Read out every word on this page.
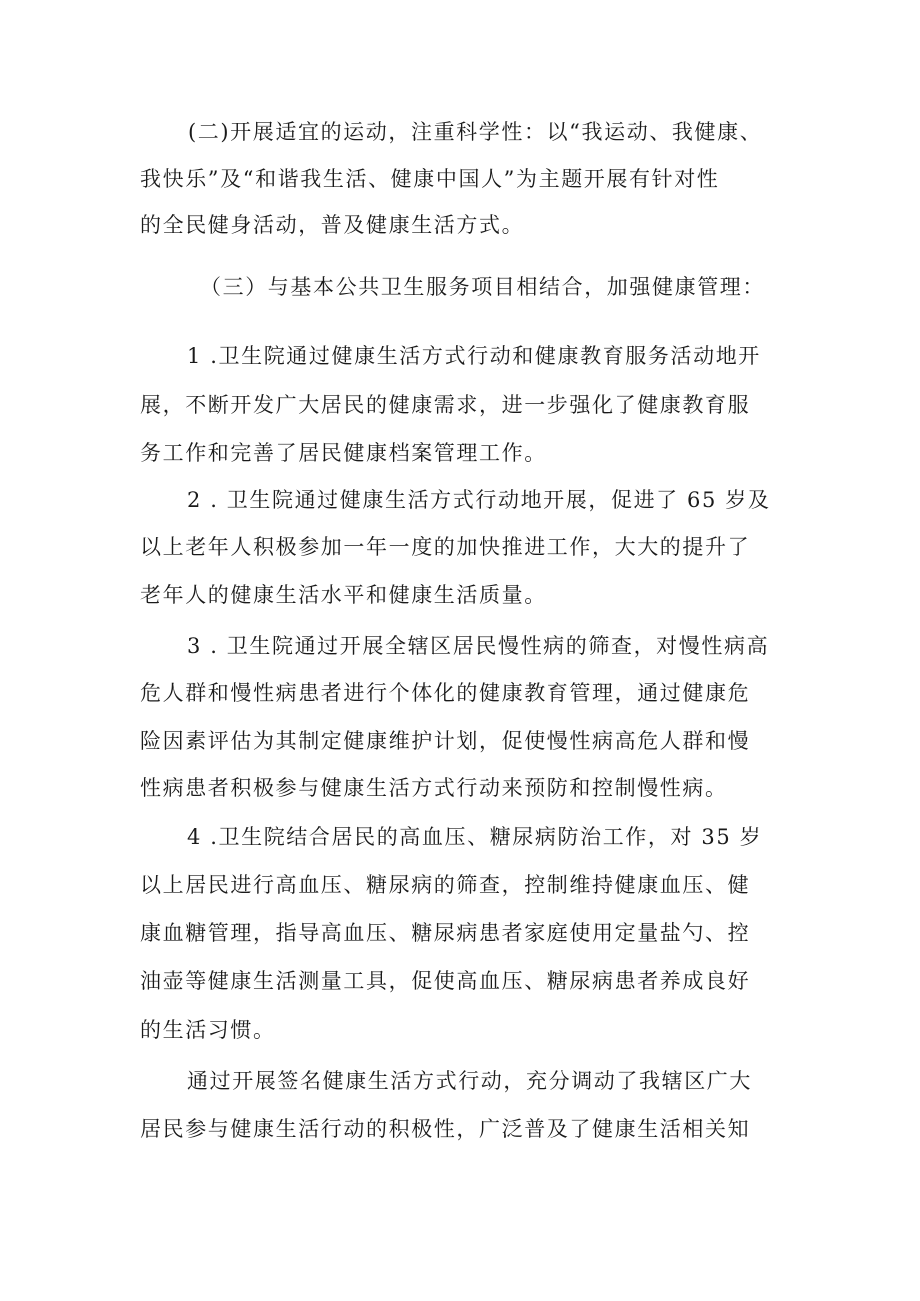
(二)开展适宜的运动，注重科学性：以“我运动、我健康、
我快乐”及“和谐我生活、健康中国人”为主题开展有针对性
的全民健身活动，普及健康生活方式。
（三）与基本公共卫生服务项目相结合，加强健康管理：
1 .卫生院通过健康生活方式行动和健康教育服务活动地开
展，不断开发广大居民的健康需求，进一步强化了健康教育服
务工作和完善了居民健康档案管理工作。
2 . 卫生院通过健康生活方式行动地开展，促进了 65 岁及
以上老年人积极参加一年一度的加快推进工作，大大的提升了
老年人的健康生活水平和健康生活质量。
3 . 卫生院通过开展全辖区居民慢性病的筛查，对慢性病高
危人群和慢性病患者进行个体化的健康教育管理，通过健康危
险因素评估为其制定健康维护计划，促使慢性病高危人群和慢
性病患者积极参与健康生活方式行动来预防和控制慢性病。
4 .卫生院结合居民的高血压、糖尿病防治工作，对 35 岁
以上居民进行高血压、糖尿病的筛查，控制维持健康血压、健
康血糖管理，指导高血压、糖尿病患者家庭使用定量盐勺、控
油壶等健康生活测量工具，促使高血压、糖尿病患者养成良好
的生活习惯。
通过开展签名健康生活方式行动，充分调动了我辖区广大
居民参与健康生活行动的积极性，广泛普及了健康生活相关知
